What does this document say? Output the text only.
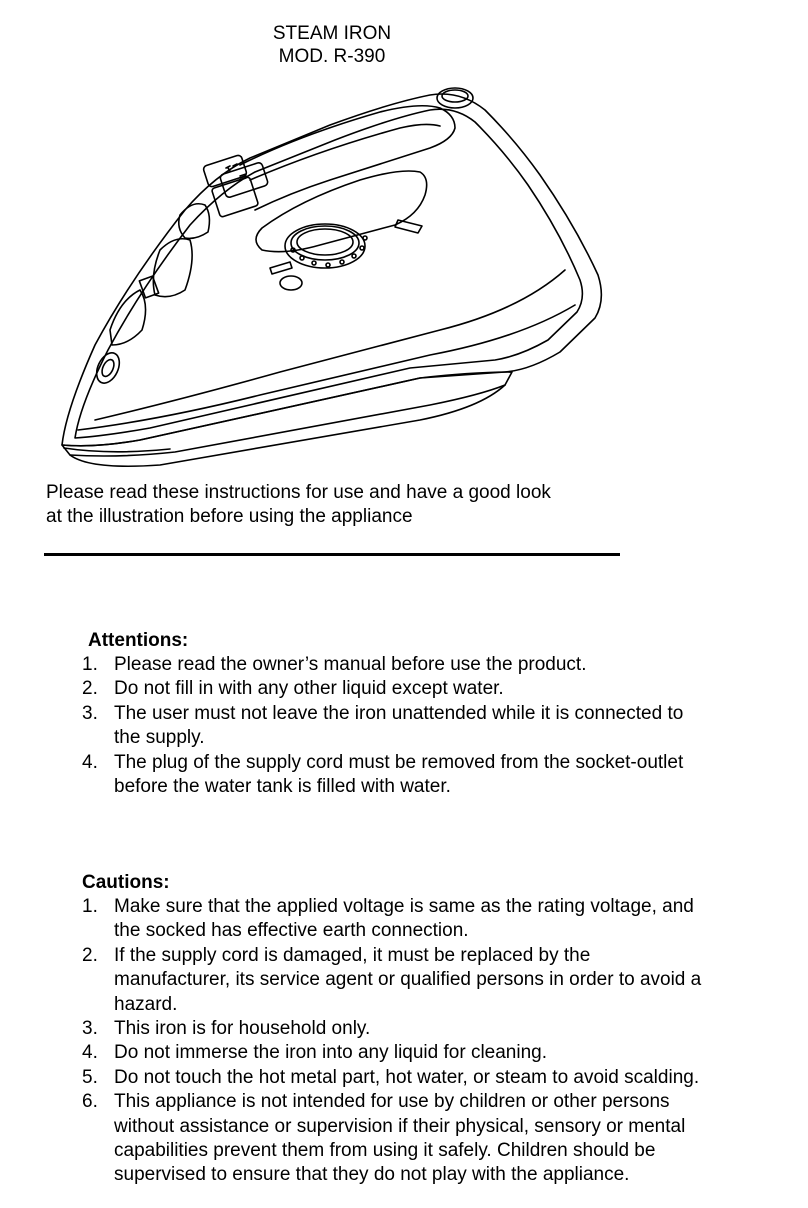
STEAM IRON
MOD. R-390
Please read these instructions for use and have a good look
at the illustration before using the appliance

Attentions:

1. Please read the owner’s manual before use the product.
2. Do not fill in with any other liquid except water.
3. The user must not leave the iron unattended while it is connected to
the supply.
4. The plug of the supply cord must be removed from the socket-outlet
before the water tank is filled with water.

Cautions:

1. Make sure that the applied voltage is same as the rating voltage, and
the socked has effective earth connection.
2. If the supply cord is damaged, it must be replaced by the
manufacturer, its service agent or qualified persons in order to avoid a
hazard.
3. This iron is for household only.
4. Do not immerse the iron into any liquid for cleaning.
5. Do not touch the hot metal part, hot water, or steam to avoid scalding.
6. This appliance is not intended for use by children or other persons
without assistance or supervision if their physical, sensory or mental
capabilities prevent them from using it safely. Children should be
supervised to ensure that they do not play with the appliance.
